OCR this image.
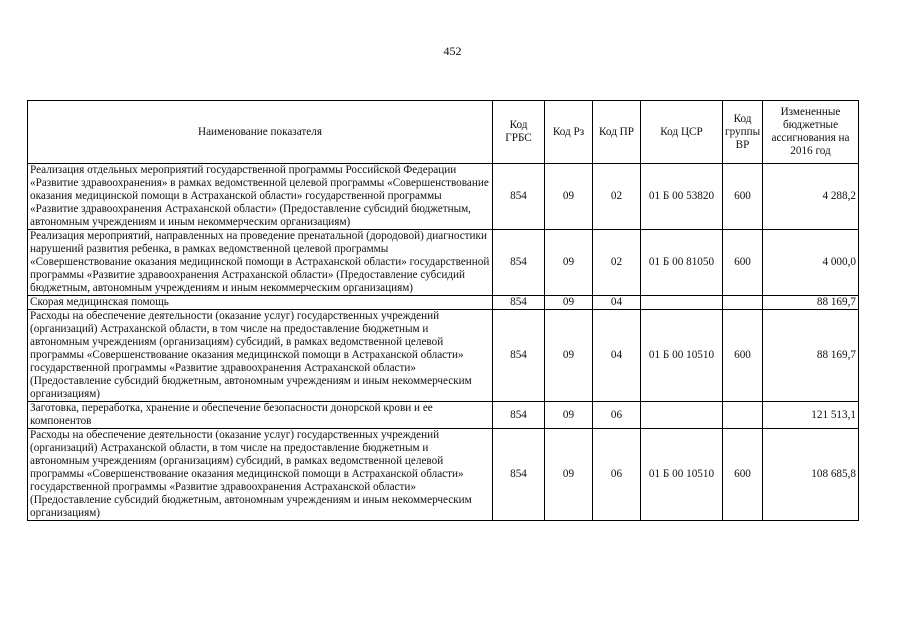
452
Наименование показателя	Код ГРБС	Код Рз	Код ПР	Код ЦСР	Код группы ВР	Измененные бюджетные ассигнования на 2016 год
Реализация отдельных мероприятий государственной программы Российской Федерации «Развитие здравоохранения» в рамках ведомственной целевой программы «Совершенствование оказания медицинской помощи в Астраханской области» государственной программы «Развитие здравоохранения Астраханской области» (Предоставление субсидий бюджетным, автономным учреждениям и иным некоммерческим организациям)	854	09	02	01 Б 00 53820	600	4 288,2
Реализация мероприятий, направленных на проведение пренатальной (дородовой) диагностики нарушений развития ребенка, в рамках ведомственной целевой программы «Совершенствование оказания медицинской помощи в Астраханской области» государственной программы «Развитие здравоохранения Астраханской области» (Предоставление субсидий бюджетным, автономным учреждениям и иным некоммерческим организациям)	854	09	02	01 Б 00 81050	600	4 000,0
Скорая медицинская помощь	854	09	04			88 169,7
Расходы на обеспечение деятельности (оказание услуг) государственных учреждений (организаций) Астраханской области, в том числе на предоставление бюджетным и автономным учреждениям (организациям) субсидий, в рамках ведомственной целевой программы «Совершенствование оказания медицинской помощи в Астраханской области» государственной программы «Развитие здравоохранения Астраханской области» (Предоставление субсидий бюджетным, автономным учреждениям и иным некоммерческим организациям)	854	09	04	01 Б 00 10510	600	88 169,7
Заготовка, переработка, хранение и обеспечение безопасности донорской крови и ее компонентов	854	09	06			121 513,1
Расходы на обеспечение деятельности (оказание услуг) государственных учреждений (организаций) Астраханской области, в том числе на предоставление бюджетным и автономным учреждениям (организациям) субсидий, в рамках ведомственной целевой программы «Совершенствование оказания медицинской помощи в Астраханской области» государственной программы «Развитие здравоохранения Астраханской области» (Предоставление субсидий бюджетным, автономным учреждениям и иным некоммерческим организациям)	854	09	06	01 Б 00 10510	600	108 685,8
